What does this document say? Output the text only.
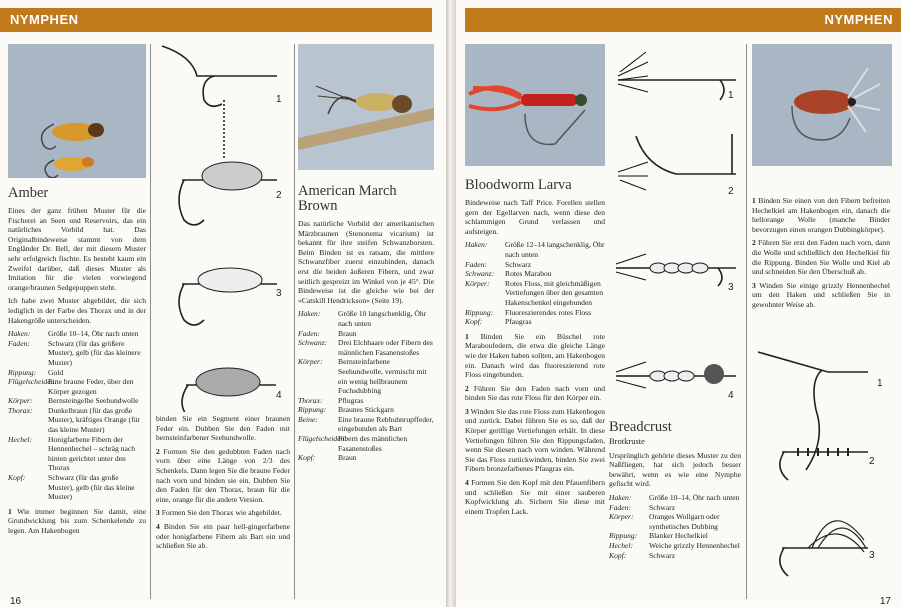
NYMPHEN
Amber

Eines der ganz frühen Muster für die Fischerei an Seen und Reservoirs, das ein natürliches Vorbild hat. Das Originalbindeweise stammt von dem Engländer Dr. Bell, der mit diesem Muster sehr erfolgreich fischte. Es besteht kaum ein Zweifel darüber, daß dieses Muster als Imitation für die vielen vorwiegend orange/braunen Sedgepuppen steht.

Ich habe zwei Muster abgebildet, die sich lediglich in der Farbe des Thorax und in der Hakengröße unterscheiden.

Haken:	Größe 10–14, Öhr nach unten
Faden:	Schwarz (für das größere Muster), gelb (für das kleinere Muster)
Rippung:	Gold
Flügelscheiden:
Eine braune Feder, über den Körper gezogen
Körper:	Bernsteingelbe Seehundwolle
Thorax:	Dunkelbraun (für das große Muster), kräftiges Orange (für das kleine Muster)
Hechel:	Honigfarbene Fibern der Hennenhechel – schräg nach hinten gerichtet unter den Thorax
Kopf:	Schwarz (für das große Muster), gelb (für das kleine Muster)

1 Wie immer beginnen Sie damit, eine Grundwicklung bis zum Schenkelende zu legen. Am Hakenbogen

1
2
3
4

binden Sie ein Segment einer braunen Feder ein. Dubben Sie den Faden mit bernsteinfarbener Seehundwolle.

2 Formen Sie den gedubbten Faden nach vorn über eine Länge von 2/3 des Schenkels. Dann legen Sie die braune Feder nach vorn und binden sie ein. Dubben Sie den Faden für den Thorax, braun für die eine, orange für die andere Version.

3 Formen Sie den Thorax wie abgebildet.

4 Binden Sie ein paar hell-gingerfarbene oder honigfarbene Fibern als Bart ein und schließen Sie ab.

American March Brown

Das natürliche Vorbild der amerikanischen Märzbraunen (Stenonema vicarium) ist bekannt für ihre steifen Schwanzborsten. Beim Binden ist es ratsam, die mittlere Schwanzfiber zuerst einzubinden, danach erst die beiden äußeren Fibern, und zwar seitlich gespreizt im Winkel von je 45°. Die Bindeweise ist die gleiche wie bei der »Catskill Hendrickson« (Seite 19).

Haken:	Größe 10 langschenklig, Öhr nach unten
Faden:	Braun
Schwanz:	Drei Elchhaare oder Fibern des männlichen Fasanenstoßes
Körper:	Bernsteinfarbene Seehundwolle, vermischt mit ein wenig hellbraunem Fuchsdubbing
Thorax:	Pflugras
Rippung:	Braunes Stickgarn
Beine:	Eine braune Rebhuhnrupffeder, eingebunden als Bart
Flügelscheiden:
Fibern des männlichen Fasanenstoßes
Kopf:	Braun
16
NYMPHEN
1
2
3
4
Bloodworm Larva

Bindeweise nach Taff Price. Forellen stellen gern der Egellarven nach, wenn diese den schlammigen Grund verlassen und aufsteigen.

Haken:	Größe 12–14 langschenklig, Öhr nach unten
Faden:	Schwarz
Schwanz:	Rotes Marabou
Körper:	Rotes Floss, mit gleichmäßigen Vertiefungen über den gesamten Hakenschenkel eingebunden
Rippung:	Fluoreszierendes rotes Floss
Kopf:	Pfaugras

1 Binden Sie ein Büschel rote Maraboufedern, die etwa die gleiche Länge wie der Haken haben sollten, am Hakenbogen ein. Danach wird das fluoreszierend rote Floss eingebunden.

2 Führen Sie den Faden nach vorn und binden Sie das rote Floss für den Körper ein.

3 Winden Sie das rote Floss zum Hakenbogen und zurück. Dabei führen Sie es so, daß der Körper gerillige Vertiefungen erhält. In diese Vertiefungen führen Sie den Rippungsfaden, wenn Sie diesen nach vorn winden. Während Sie das Floss zurückwinden, binden Sie zwei Fibern bronzefarbenes Pfaugras ein.

4 Formen Sie den Kopf mit den Pfauenfibern und schließen Sie mit einer sauberen Kopfwicklung ab. Sichern Sie diese mit einem Tropfen Lack.

Breadcrust
Brotkruste

Ursprünglich gehörte dieses Muster zu den Naßfliegen, hat sich jedoch besser bewährt, wenn es wie eine Nymphe gefischt wird.

Haken:	Größe 10–14, Öhr nach unten
Faden:	Schwarz
Körper:	Oranges Wollgarn oder synthetisches Dubbing
Rippung:	Blanker Hechelkiel
Hechel:	Weiche grizzly Hennenhechel
Kopf:	Schwarz

1 Binden Sie einen von den Fibern befreiten Hechelkiel am Hakenbogen ein, danach die hellorange Wolle (manche Binder bevorzugen einen orangen Dubbingkörper).

2 Führen Sie erst den Faden nach vorn, dann die Wolle und schließlich den Hechelkiel für die Rippung. Binden Sie Wolle und Kiel ab und schneiden Sie den Überschuß ab.

3 Winden Sie einige grizzly Hennenhechel um den Haken und schließen Sie in gewohnter Weise ab.

1
2
3
17
